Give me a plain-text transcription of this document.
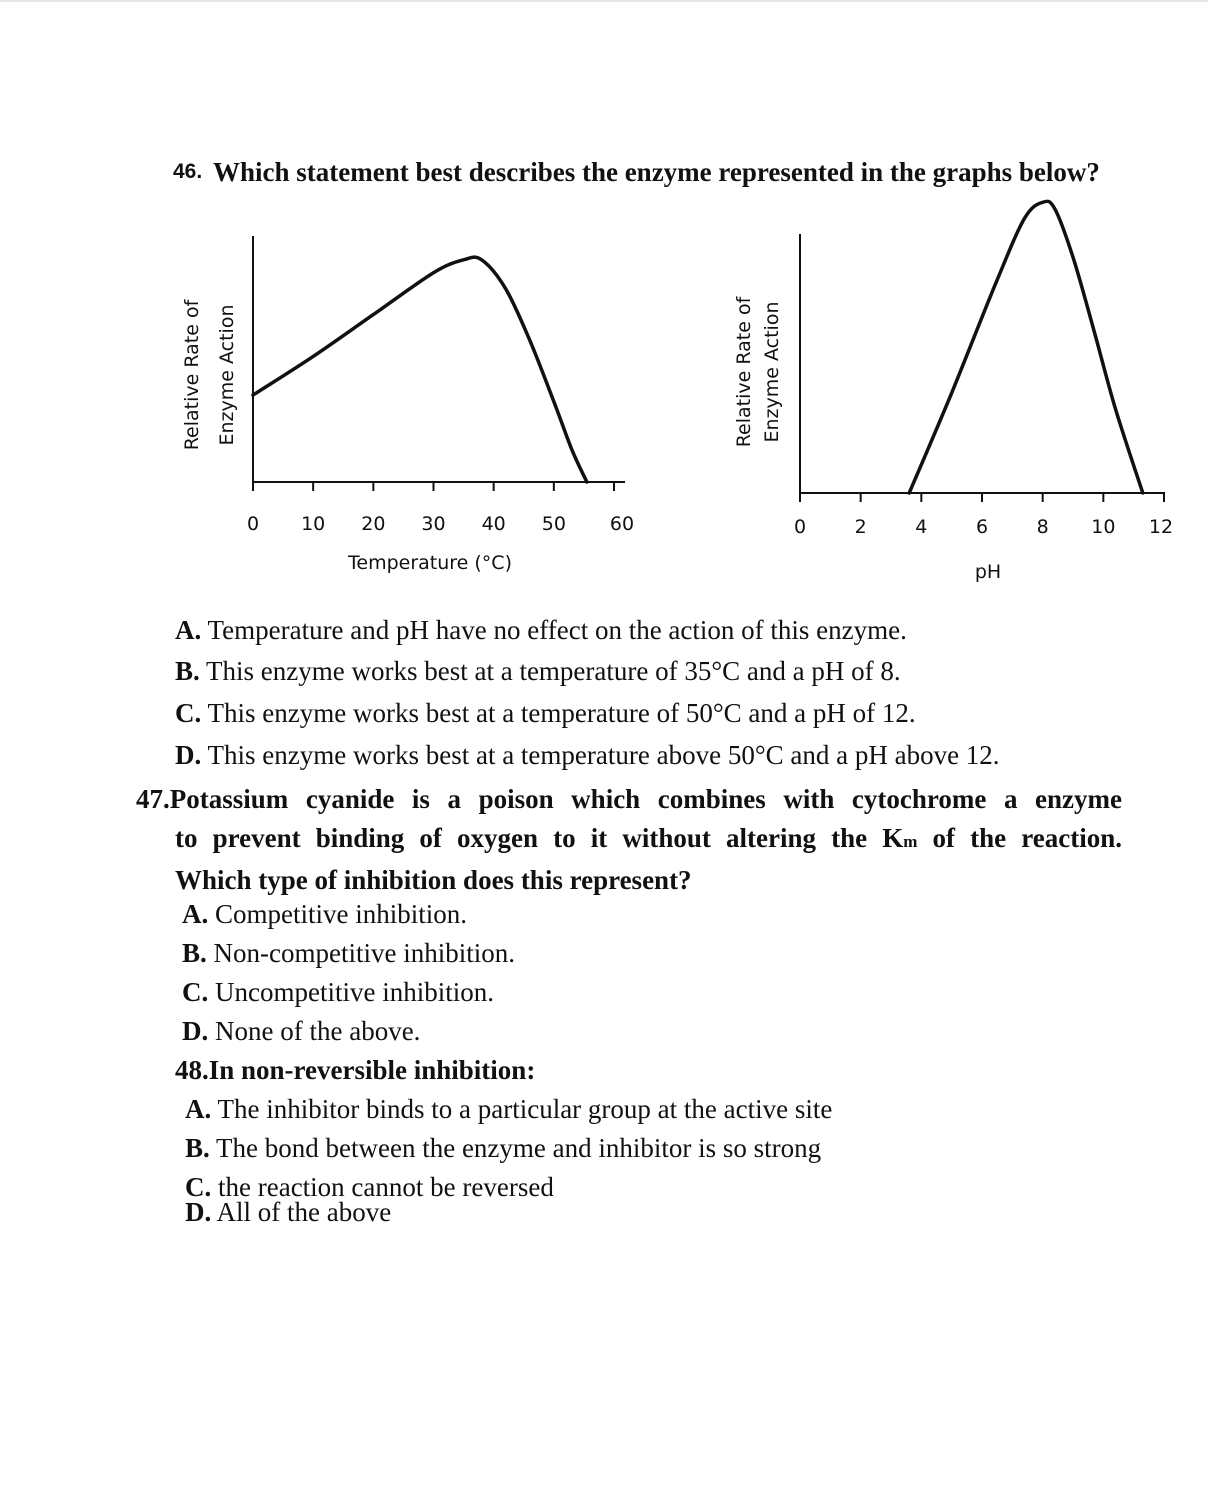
46. Which statement best describes the enzyme represented in the graphs below?
0 10 20 30 40 50 60
Temperature (°C)
Relative Rate of Enzyme Action
0	2	4	6	8 10 12
pH
Relative Rate of Enzyme Action
A. Temperature and pH have no effect on the action of this enzyme.
B. This enzyme works best at a temperature of 35°C and a pH of 8.
C. This enzyme works best at a temperature of 50°C and a pH of 12.
D. This enzyme works best at a temperature above 50°C and a pH above 12.
47.Potassium cyanide is a poison which combines with cytochrome a enzyme
to prevent binding of oxygen to it without altering the Km of the reaction.
Which type of inhibition does this represent?
A. Competitive inhibition.
B. Non-competitive inhibition.
C. Uncompetitive inhibition.
D. None of the above.
48.In non-reversible inhibition:
A. The inhibitor binds to a particular group at the active site
B. The bond between the enzyme and inhibitor is so strong
C. the reaction cannot be reversed
D. All of the above
